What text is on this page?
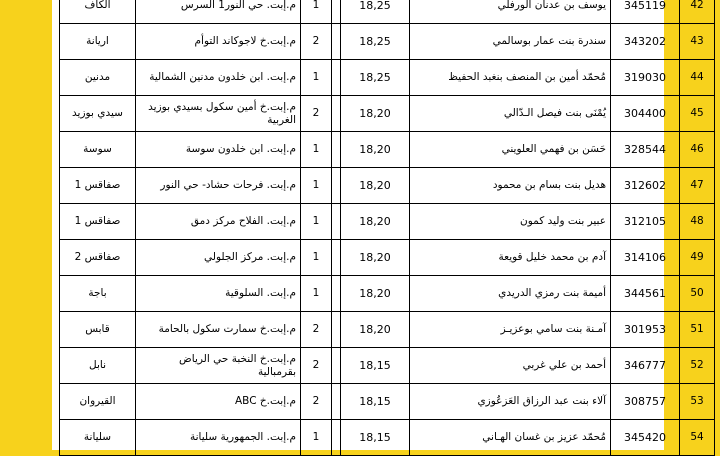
42	345119	يوسف بن عدنان الورفلي	18,25		1	م.إبت. حي النور1 السرس	الكاف
43	343202	سندرة بنت عمار بوسالمي	18,25		2	م.إبت.خ لاجوكاند التوأم	اريانة
44	319030	مُحمّد أمين بن المنصف بنغبد الحفيظ	18,25		1	م.إبت. ابن خلدون مدنين الشمالية	مدنين
45	304400	يُمْنَى بنت فيصل الـدّالي	18,20		2	م.إبت.خ أمين سكول بسيدي بوزيد الغربية	سيدي بوزيد
46	328544	حَسَن بن فهمي العلويني	18,20		1	م.إبت. ابن خلدون سوسة	سوسة
47	312602	هديل بنت بسام بن محمود	18,20		1	م.إبت. فرحات حشاد- حي النور	صفاقس 1
48	312105	عبير بنت وليد كمون	18,20		1	م.إبت. الفلاح مركز دمق	صفاقس 1
49	314106	آدم بن محمد خليل قويعة	18,20		1	م.إبت. مركز الجلولي	صفاقس 2
50	344561	أميمة بنت رمزي الدريدي	18,20		1	م.إبت. السلوقية	باجة
51	301953	آمـنة بنت سامي بوعزيـز	18,20		2	م.إبت.خ سمارت سكول بالحامة	قابس
52	346777	أحمد بن علي غربي	18,15		2	م.إبت.خ النخبة حي الرياض بقرمبالية	نابل
53	308757	آلاء بنت عبد الرزاق العَزعُوزي	18,15		2	م.إبت.خ ABC	القيروان
54	345420	مُحمّد عزيز بن غسان الهـاني	18,15		1	م.إبت. الجمهورية سليانة	سليانة
